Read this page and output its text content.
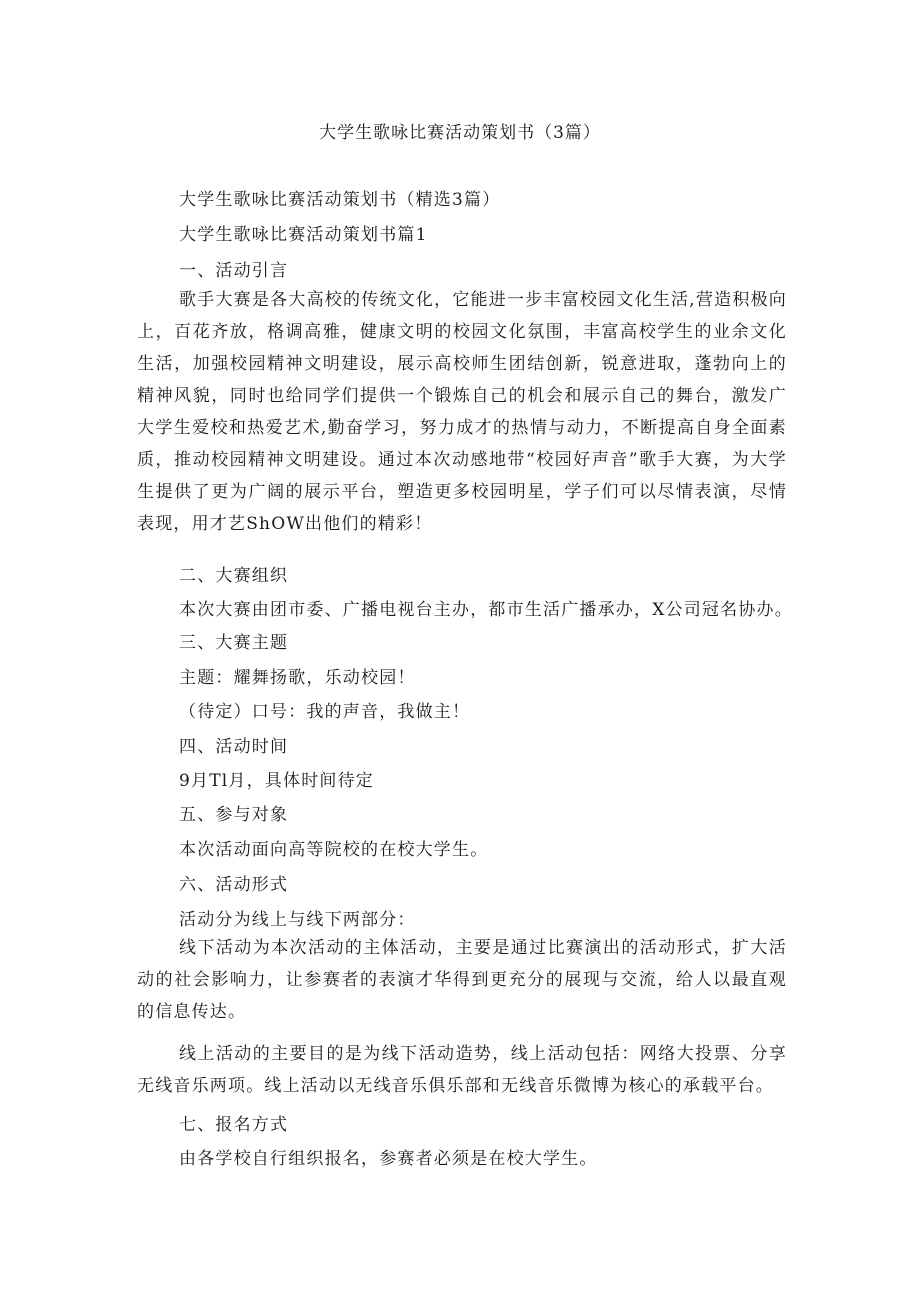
大学生歌咏比赛活动策划书（3篇）
大学生歌咏比赛活动策划书（精选3篇）
大学生歌咏比赛活动策划书篇1
一、活动引言
歌手大赛是各大高校的传统文化，它能进一步丰富校园文化生活,营造积极向上，百花齐放，格调高雅，健康文明的校园文化氛围，丰富高校学生的业余文化生活，加强校园精神文明建设，展示高校师生团结创新，锐意进取，蓬勃向上的精神风貌，同时也给同学们提供一个锻炼自己的机会和展示自己的舞台，激发广大学生爱校和热爱艺术,勤奋学习，努力成才的热情与动力，不断提高自身全面素质，推动校园精神文明建设。通过本次动感地带“校园好声音”歌手大赛，为大学生提供了更为广阔的展示平台，塑造更多校园明星，学子们可以尽情表演，尽情表现，用才艺ShOW出他们的精彩！
二、大赛组织
本次大赛由团市委、广播电视台主办，都市生活广播承办，X公司冠名协办。
三、大赛主题
主题：耀舞扬歌，乐动校园！
（待定）口号：我的声音，我做主！
四、活动时间
9月Tl月，具体时间待定
五、参与对象
本次活动面向高等院校的在校大学生。
六、活动形式
活动分为线上与线下两部分：
线下活动为本次活动的主体活动，主要是通过比赛演出的活动形式，扩大活动的社会影响力，让参赛者的表演才华得到更充分的展现与交流，给人以最直观的信息传达。
线上活动的主要目的是为线下活动造势，线上活动包括：网络大投票、分享无线音乐两项。线上活动以无线音乐俱乐部和无线音乐微博为核心的承载平台。
七、报名方式
由各学校自行组织报名，参赛者必须是在校大学生。
